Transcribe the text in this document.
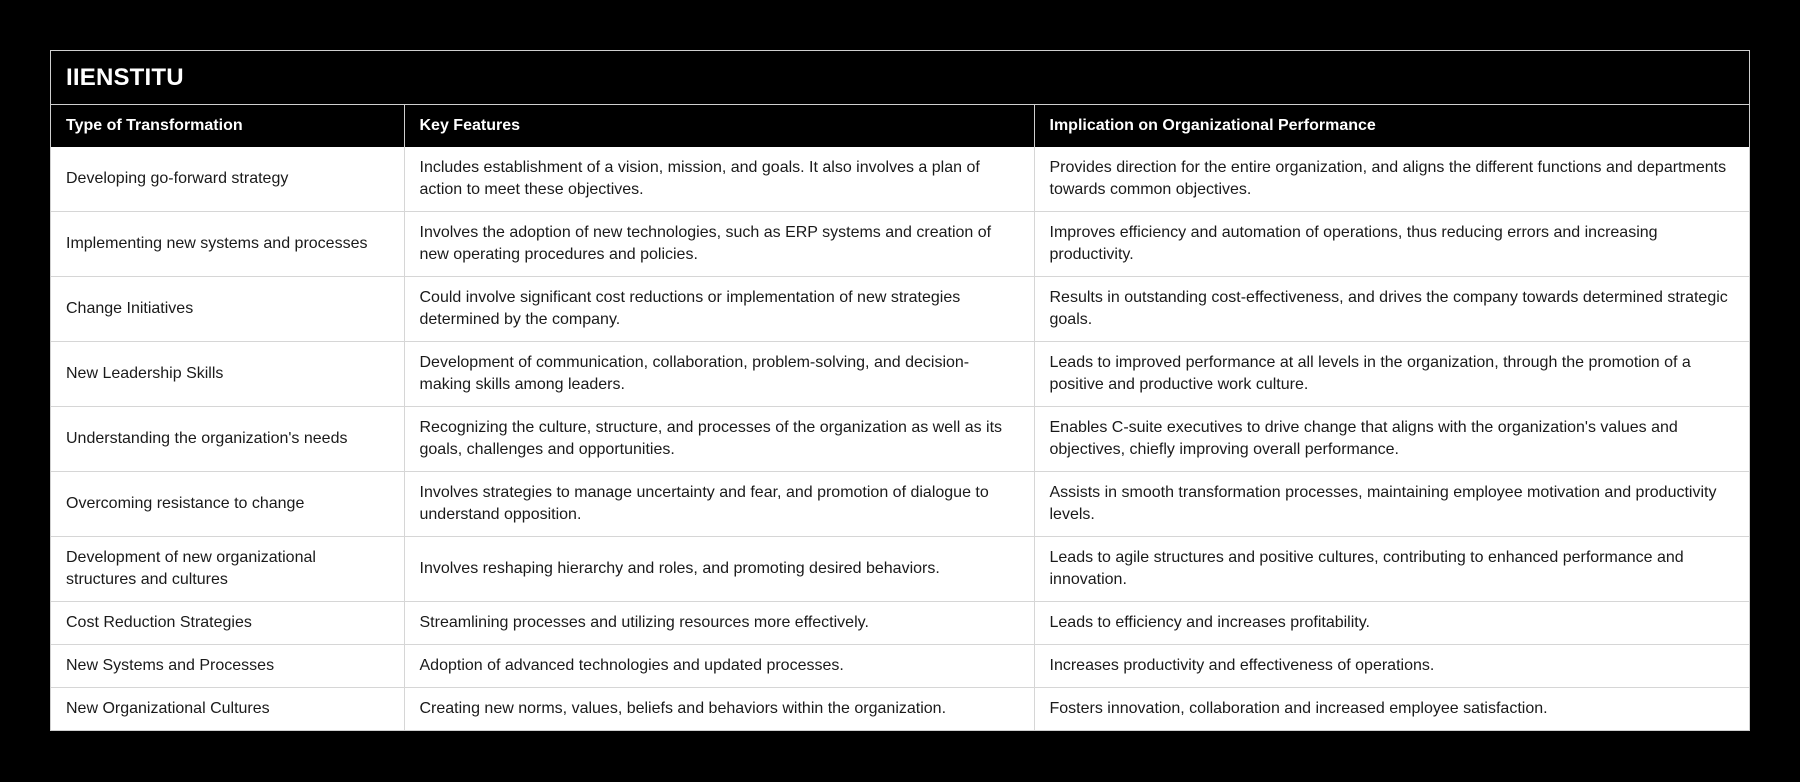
IIENSTITU
Type of Transformation	Key Features	Implication on Organizational Performance
Developing go-forward strategy	Includes establishment of a vision, mission, and goals. It also involves a plan of action to meet these objectives.	Provides direction for the entire organization, and aligns the different functions and departments towards common objectives.
Implementing new systems and processes	Involves the adoption of new technologies, such as ERP systems and creation of new operating procedures and policies.	Improves efficiency and automation of operations, thus reducing errors and increasing productivity.
Change Initiatives	Could involve significant cost reductions or implementation of new strategies determined by the company.	Results in outstanding cost-effectiveness, and drives the company towards determined strategic goals.
New Leadership Skills	Development of communication, collaboration, problem-solving, and decision-making skills among leaders.	Leads to improved performance at all levels in the organization, through the promotion of a positive and productive work culture.
Understanding the organization's needs	Recognizing the culture, structure, and processes of the organization as well as its goals, challenges and opportunities.	Enables C-suite executives to drive change that aligns with the organization's values and objectives, chiefly improving overall performance.
Overcoming resistance to change	Involves strategies to manage uncertainty and fear, and promotion of dialogue to understand opposition.	Assists in smooth transformation processes, maintaining employee motivation and productivity levels.
Development of new organizational structures and cultures	Involves reshaping hierarchy and roles, and promoting desired behaviors.	Leads to agile structures and positive cultures, contributing to enhanced performance and innovation.
Cost Reduction Strategies	Streamlining processes and utilizing resources more effectively.	Leads to efficiency and increases profitability.
New Systems and Processes	Adoption of advanced technologies and updated processes.	Increases productivity and effectiveness of operations.
New Organizational Cultures	Creating new norms, values, beliefs and behaviors within the organization.	Fosters innovation, collaboration and increased employee satisfaction.
